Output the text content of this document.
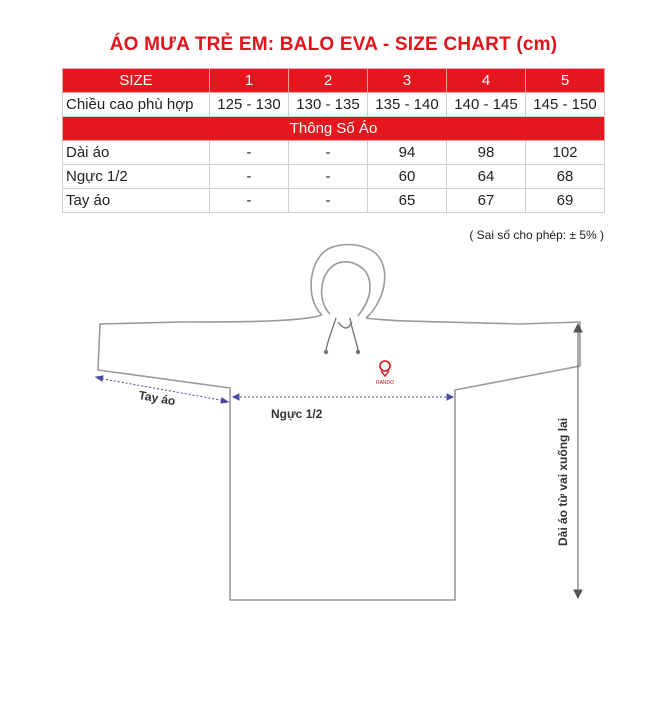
ÁO MƯA TRẺ EM: BALO EVA - SIZE CHART (cm)
SIZE	1	2	3	4	5
Chiều cao phù hợp	125 - 130	130 - 135	135 - 140	140 - 145	145 - 150
Thông Số Áo					
Dài áo	-	-	94	98	102
Ngực 1/2	-	-	60	64	68
Tay áo	-	-	65	67	69
( Sai số cho phép: ± 5% )
RANDO
Tay áo
Ngực 1/2
Dài áo từ vai xuống lai
